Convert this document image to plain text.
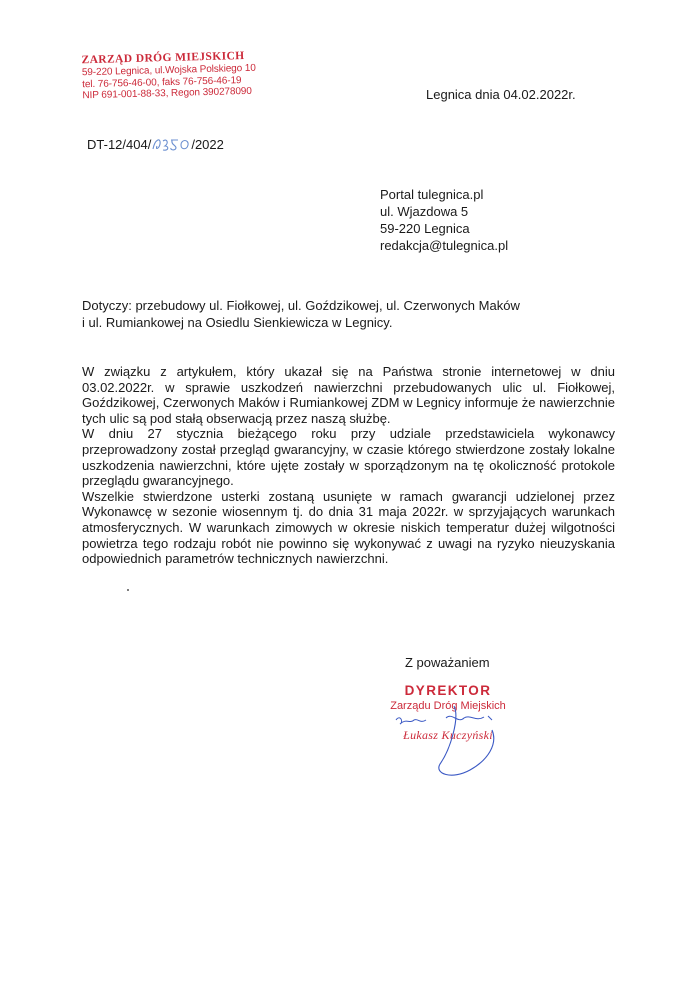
ZARZĄD DRÓG MIEJSKICH
59-220 Legnica, ul.Wojska Polskiego 10
tel. 76-756-46-00, faks 76-756-46-19
NIP 691-001-88-33, Regon 390278090	Legnica dnia 04.02.2022r.
DT-12/404/	/2022
Portal tulegnica.pl
ul. Wjazdowa 5
59-220 Legnica
redakcja@tulegnica.pl
Dotyczy: przebudowy ul. Fiołkowej, ul. Goździkowej, ul. Czerwonych Maków
i ul. Rumiankowej na Osiedlu Sienkiewicza w Legnicy.

W związku z artykułem, który ukazał się na Państwa stronie internetowej w dniu 03.02.2022r. w sprawie uszkodzeń nawierzchni przebudowanych ulic ul. Fiołkowej, Goździkowej, Czerwonych Maków i Rumiankowej ZDM w Legnicy informuje że nawierzchnie tych ulic są pod stałą obserwacją przez naszą służbę.

W dniu 27 stycznia bieżącego roku przy udziale przedstawiciela wykonawcy przeprowadzony został przegląd gwarancyjny, w czasie którego stwierdzone zostały lokalne uszkodzenia nawierzchni, które ujęte zostały w sporządzonym na tę okoliczność protokole przeglądu gwarancyjnego.

Wszelkie stwierdzone usterki zostaną usunięte w ramach gwarancji udzielonej przez Wykonawcę w sezonie wiosennym tj. do dnia 31 maja 2022r. w sprzyjających warunkach atmosferycznych. W warunkach zimowych w okresie niskich temperatur dużej wilgotności powietrza tego rodzaju robót nie powinno się wykonywać z uwagi na ryzyko nieuzyskania odpowiednich parametrów technicznych nawierzchni.

Z poważaniem
DYREKTOR
Zarządu Dróg Miejskich
Łukasz Kuczyński
